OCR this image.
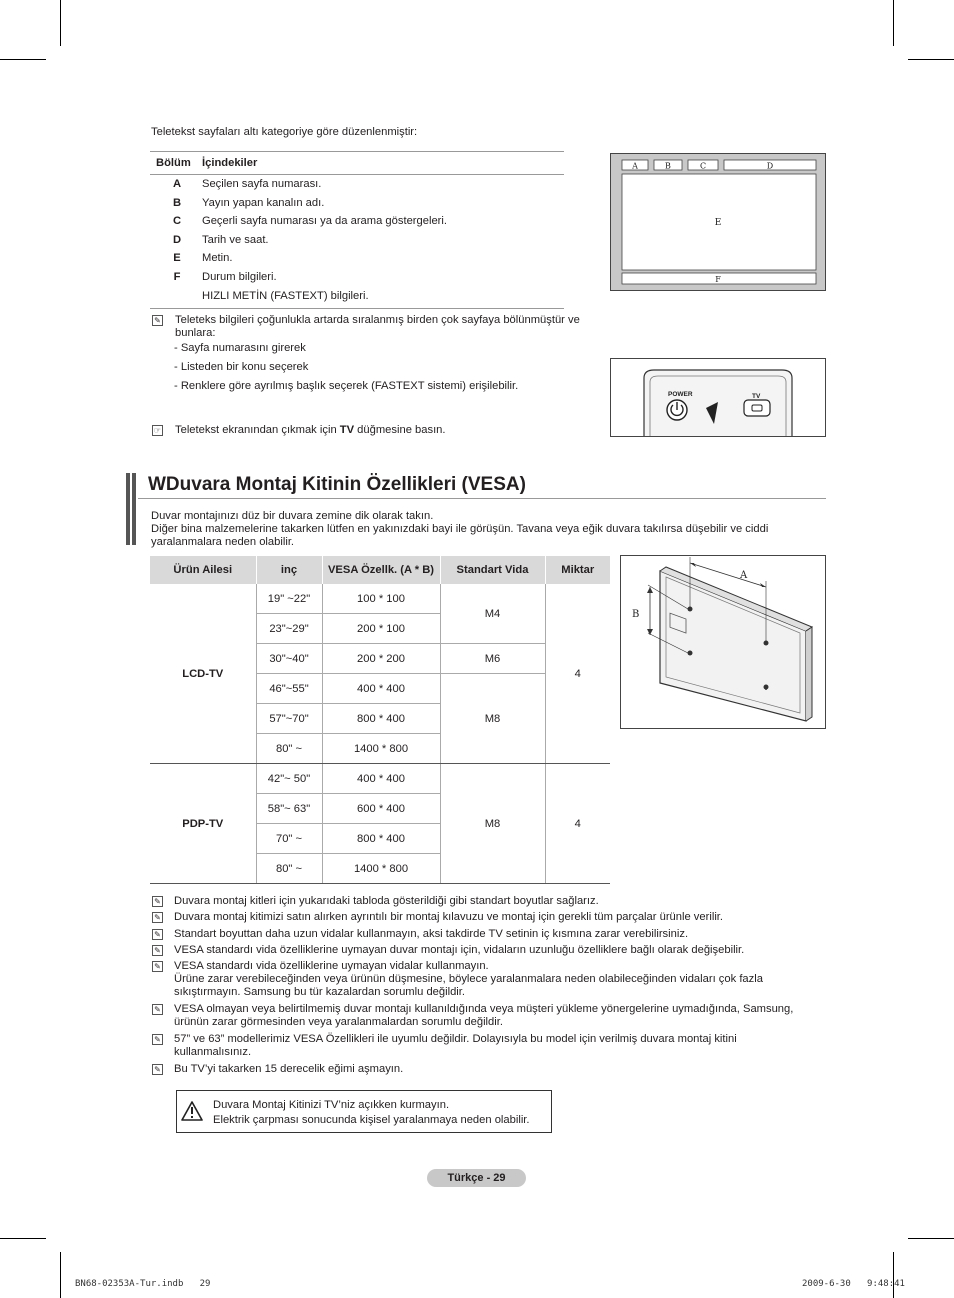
Teletekst sayfaları altı kategoriye göre düzenlenmiştir:
Bölüm İçindekiler
A Seçilen sayfa numarası.
B Yayın yapan kanalın adı.
C Geçerli sayfa numarası ya da arama göstergeleri.
D Tarih ve saat.
E Metin.
F	Durum bilgileri.
HIZLI METİN (FASTEXT) bilgileri.
A	B	C	D
E
F
✎ Teleteks bilgileri çoğunlukla artarda sıralanmış birden çok sayfaya bölünmüştür ve
bunlara:
- Sayfa numarasını girerek
- Listeden bir konu seçerek
- Renklere göre ayrılmış başlık seçerek (FASTEXT sistemi) erişilebilir.
☞ Teletekst ekranından çıkmak için TV düğmesine basın.
POWER	TV
WDuvara Montaj Kitinin Özellikleri (VESA)
Duvar montajınızı düz bir duvara zemine dik olarak takın.
Diğer bina malzemelerine takarken lütfen en yakınızdaki bayi ile görüşün. Tavana veya eğik duvara takılırsa düşebilir ve ciddi
yaralanmalara neden olabilir.
Ürün Ailesi	inç	VESA Özellk. (A * B)	Standart Vida	Miktar
LCD-TV	19" ~22"	100 * 100	M4	4
	23"~29"	200 * 100		
	30"~40"	200 * 200	M6	
	46"~55"	400 * 400	M8	
	57"~70"	800 * 400		
	80" ~	1400 * 800		
PDP-TV	42"~ 50"	400 * 400	M8	4
	58"~ 63"	600 * 400		
	70" ~	800 * 400		
	80" ~	1400 * 800		
A
B
✎ Duvara montaj kitleri için yukarıdaki tabloda gösterildiği gibi standart boyutlar sağlarız.
✎ Duvara montaj kitimizi satın alırken ayrıntılı bir montaj kılavuzu ve montaj için gerekli tüm parçalar ürünle verilir.
✎ Standart boyuttan daha uzun vidalar kullanmayın, aksi takdirde TV setinin iç kısmına zarar verebilirsiniz.
✎ VESA standardı vida özelliklerine uymayan duvar montajı için, vidaların uzunluğu özelliklere bağlı olarak değişebilir.
✎ VESA standardı vida özelliklerine uymayan vidalar kullanmayın.
Ürüne zarar verebileceğinden veya ürünün düşmesine, böylece yaralanmalara neden olabileceğinden vidaları çok fazla
sıkıştırmayın. Samsung bu tür kazalardan sorumlu değildir.
✎ VESA olmayan veya belirtilmemiş duvar montajı kullanıldığında veya müşteri yükleme yönergelerine uymadığında, Samsung,
ürünün zarar görmesinden veya yaralanmalardan sorumlu değildir.
✎ 57” ve 63” modellerimiz VESA Özellikleri ile uyumlu değildir. Dolayısıyla bu model için verilmiş duvara montaj kitini
kullanmalısınız.
✎ Bu TV’yi takarken 15 derecelik eğimi aşmayın.
Duvara Montaj Kitinizi TV’niz açıkken kurmayın.
Elektrik çarpması sonucunda kişisel yaralanmaya neden olabilir.
Türkçe - 29
BN68-02353A-Tur.indb   29	2009-6-30   9:48:41
